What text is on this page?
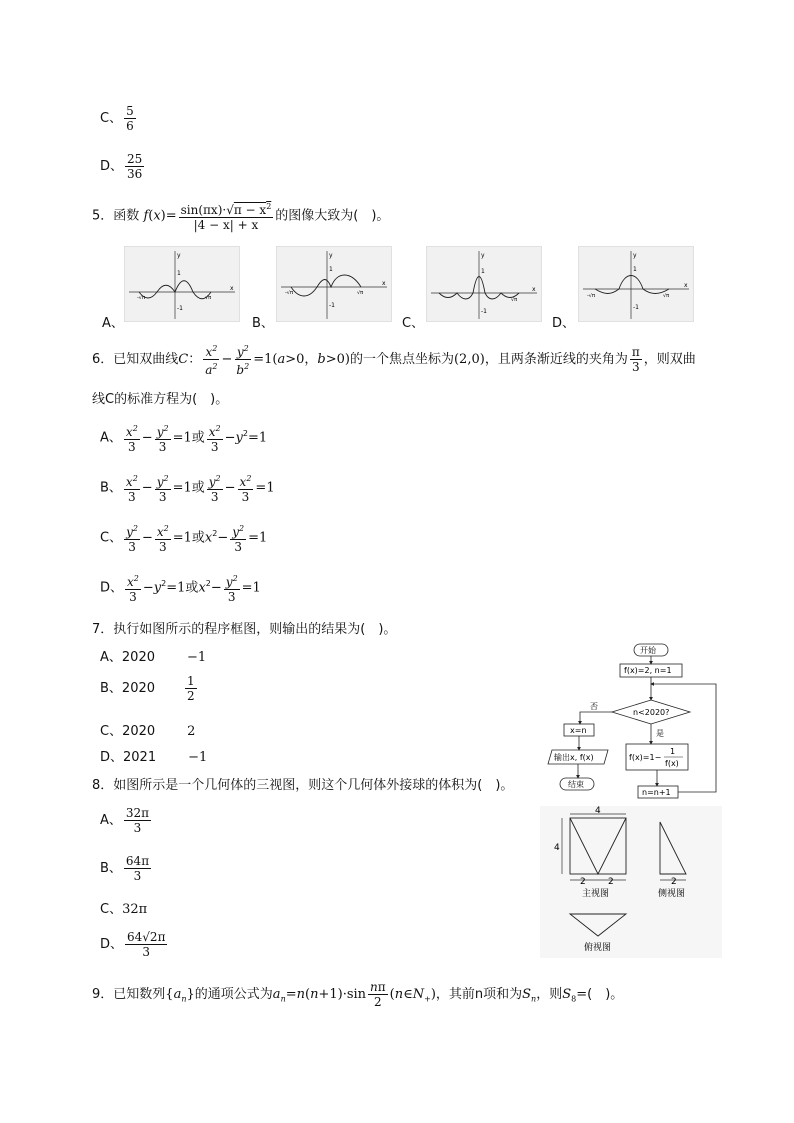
C、 $\frac{5}{6}$
D、 $\frac{25}{36}$
5．函数 $f(x)= \frac{\sin(\pi x)\cdot√\pi - x^2}{|4 - x| + x}$ 的图像大致为(　)。
y
x
1
-1
-√π	√π
A、
y
x
1
-1
-√π	√π
B、
y
x
1
-1
√π
C、
y
x
1
-1
-√π	√π
D、
6．已知双曲线C： $\frac{x^2}{a^2} - \frac{y^2}{b^2} =1(a>0$，b>0)的一个焦点坐标为(2,0)，且两条渐近线的夹角为 $\frac{\pi}{3}$ ，则双曲
线C的标准方程为(　)。
A、 $\frac{x^2}{3} - \frac{y^2}{3} =1$或 $\frac{x^2}{3} -y^2=1$
B、 $\frac{x^2}{3} - \frac{y^2}{3} =1$或 $\frac{y^2}{3} - \frac{x^2}{3} =1$
C、 $\frac{y^2}{3} - \frac{x^2}{3} =1$或$x^2- \frac{y^2}{3} =1$
D、 $\frac{x^2}{3} -y^2=1$或$x^2- \frac{y^2}{3} =1$
7．执行如图所示的程序框图，则输出的结果为(　)。
A、2020 −1
B、2020	$\frac{1}{2}$
C、2020 2
D、2021 −1
开始
f(x)=2, n=1
n<2020?
否
x=n
输出x, f(x)
结束
是
f(x)=1−
1
f(x)
n=n+1
8．如图所示是一个几何体的三视图，则这个几何体外接球的体积为(　)。
A、 $\frac{32\pi}{3}$
B、 $\frac{64\pi}{3}$
C、32π
D、 $\frac{64√2\pi}{3}$
4
4
2 2
主视图
2
侧视图
俯视图
9．已知数列$\{a_n\}$的通项公式为$a_n=n(n+1)\cdot\sin \frac{n\pi}{2}$ $(n\in N_+)$，其前n项和为$S_n$，则$S_8=$(　)。
